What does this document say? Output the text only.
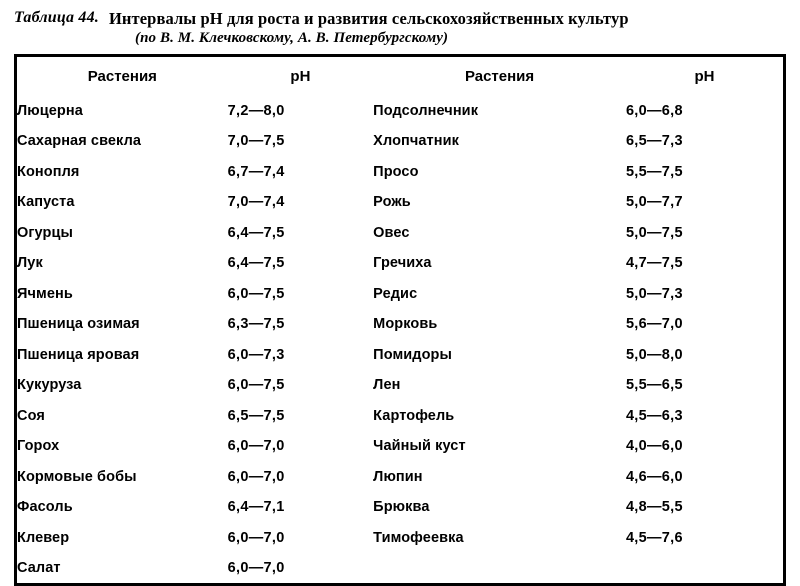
Таблица 44. Интервалы pH для роста и развития сельскохозяйственных культур
(по В. М. Клечковскому, А. В. Петербургскому)
Растения	pH	Растения	pH
Люцерна	7,2—8,0	Подсолнечник	6,0—6,8
Сахарная свекла	7,0—7,5	Хлопчатник	6,5—7,3
Конопля	6,7—7,4	Просо	5,5—7,5
Капуста	7,0—7,4	Рожь	5,0—7,7
Огурцы	6,4—7,5	Овес	5,0—7,5
Лук	6,4—7,5	Гречиха	4,7—7,5
Ячмень	6,0—7,5	Редис	5,0—7,3
Пшеница озимая	6,3—7,5	Морковь	5,6—7,0
Пшеница яровая	6,0—7,3	Помидоры	5,0—8,0
Кукуруза	6,0—7,5	Лен	5,5—6,5
Соя	6,5—7,5	Картофель	4,5—6,3
Горох	6,0—7,0	Чайный куст	4,0—6,0
Кормовые бобы	6,0—7,0	Люпин	4,6—6,0
Фасоль	6,4—7,1	Брюква	4,8—5,5
Клевер	6,0—7,0	Тимофеевка	4,5—7,6
Салат	6,0—7,0		
